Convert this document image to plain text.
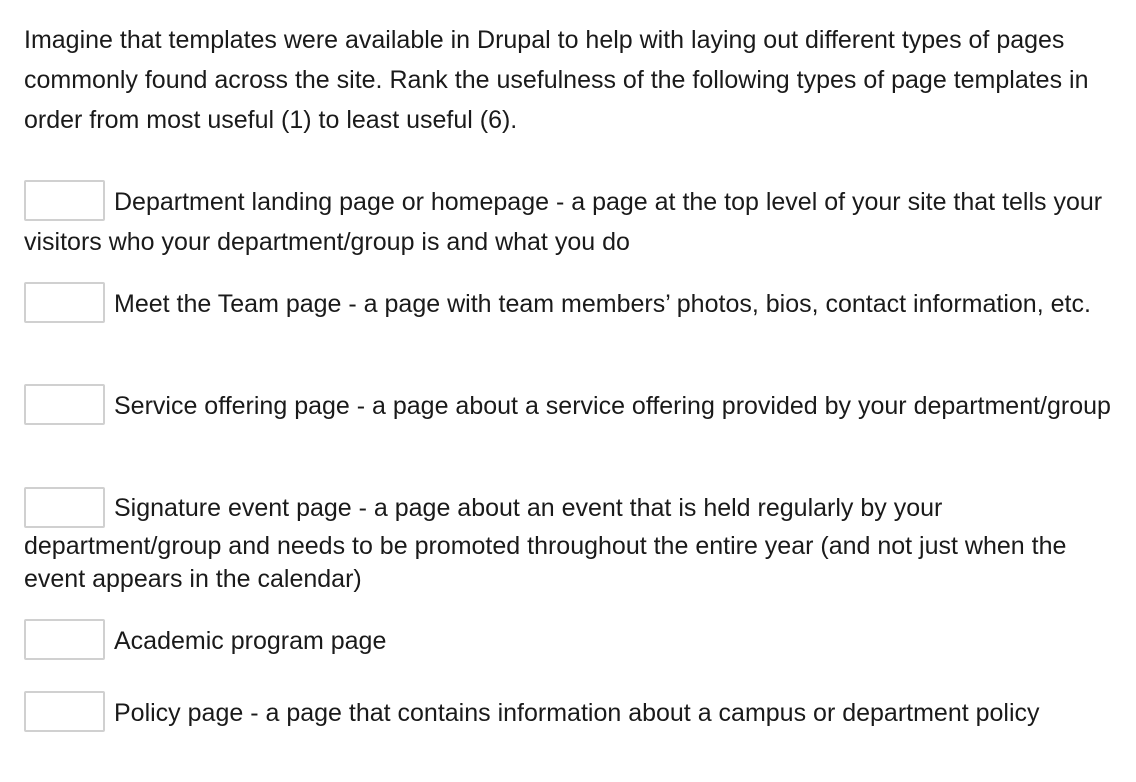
Imagine that templates were available in Drupal to help with laying out different types of pages commonly found across the site. Rank the usefulness of the following types of page templates in order from most useful (1) to least useful (6).

Department landing page or homepage - a page at the top level of your site that tells your visitors who your department/group is and what you do
Meet the Team page - a page with team members’ photos, bios, contact information, etc.
Service offering page - a page about a service offering provided by your department/group
Signature event page - a page about an event that is held regularly by your department/group and needs to be promoted throughout the entire year (and not just when the event appears in the calendar)
Academic program page
Policy page - a page that contains information about a campus or department policy
